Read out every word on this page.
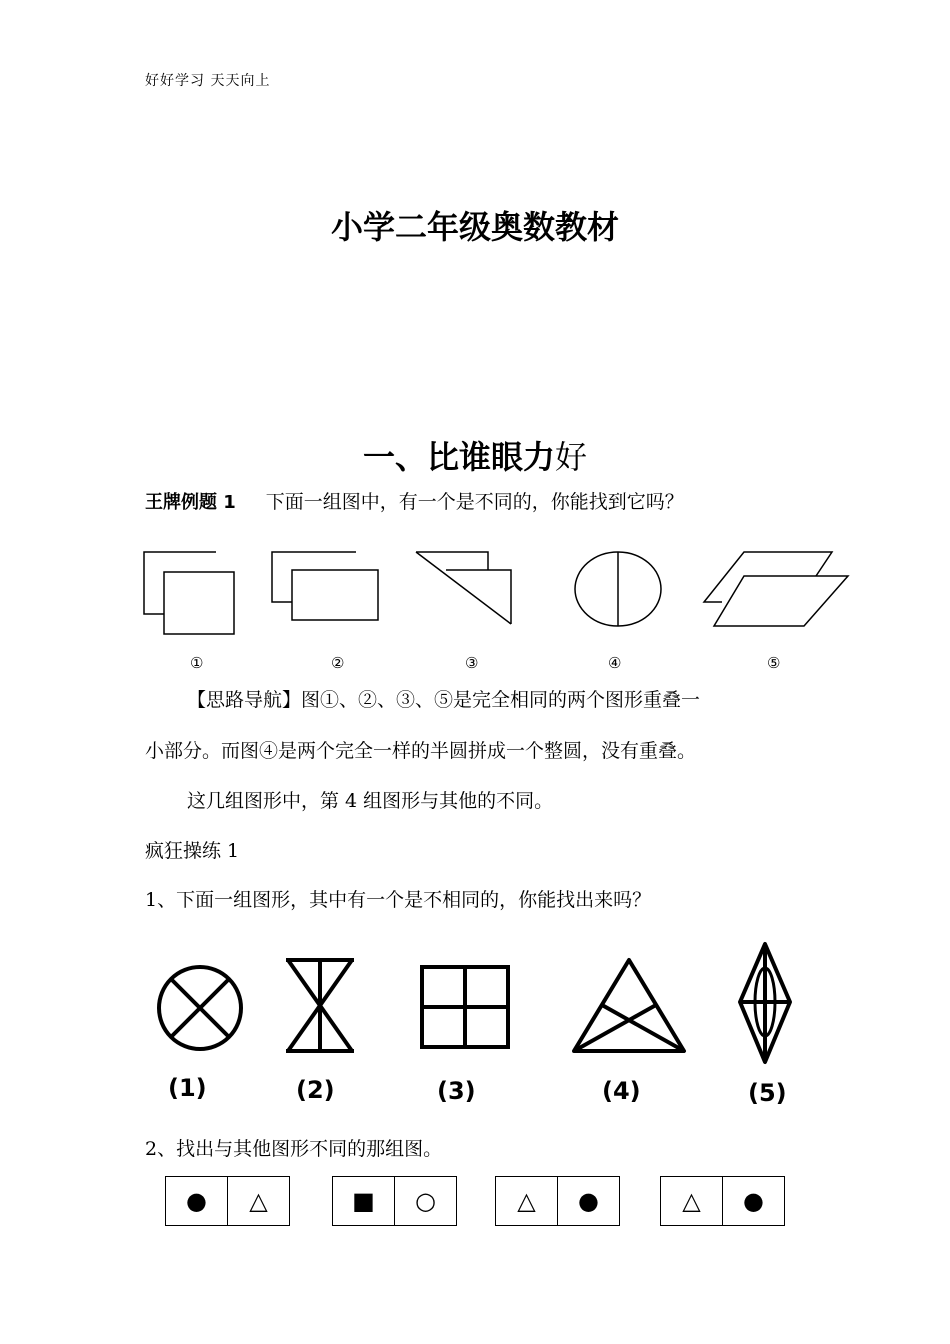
好好学习 天天向上
小学二年级奥数教材
一、比谁眼力好
王牌例题 1 下面一组图中，有一个是不同的，你能找到它吗？
①	②	③	④	⑤
【思路导航】图①、②、③、⑤是完全相同的两个图形重叠一
小部分。而图④是两个完全一样的半圆拼成一个整圆，没有重叠。
这几组图形中，第 4 组图形与其他的不同。
疯狂操练 1
1、下面一组图形，其中有一个是不相同的，你能找出来吗？
(1)	(2)	(3)	(4)	(5)
2、找出与其他图形不同的那组图。
●	△	■	○	△	●	△	●
